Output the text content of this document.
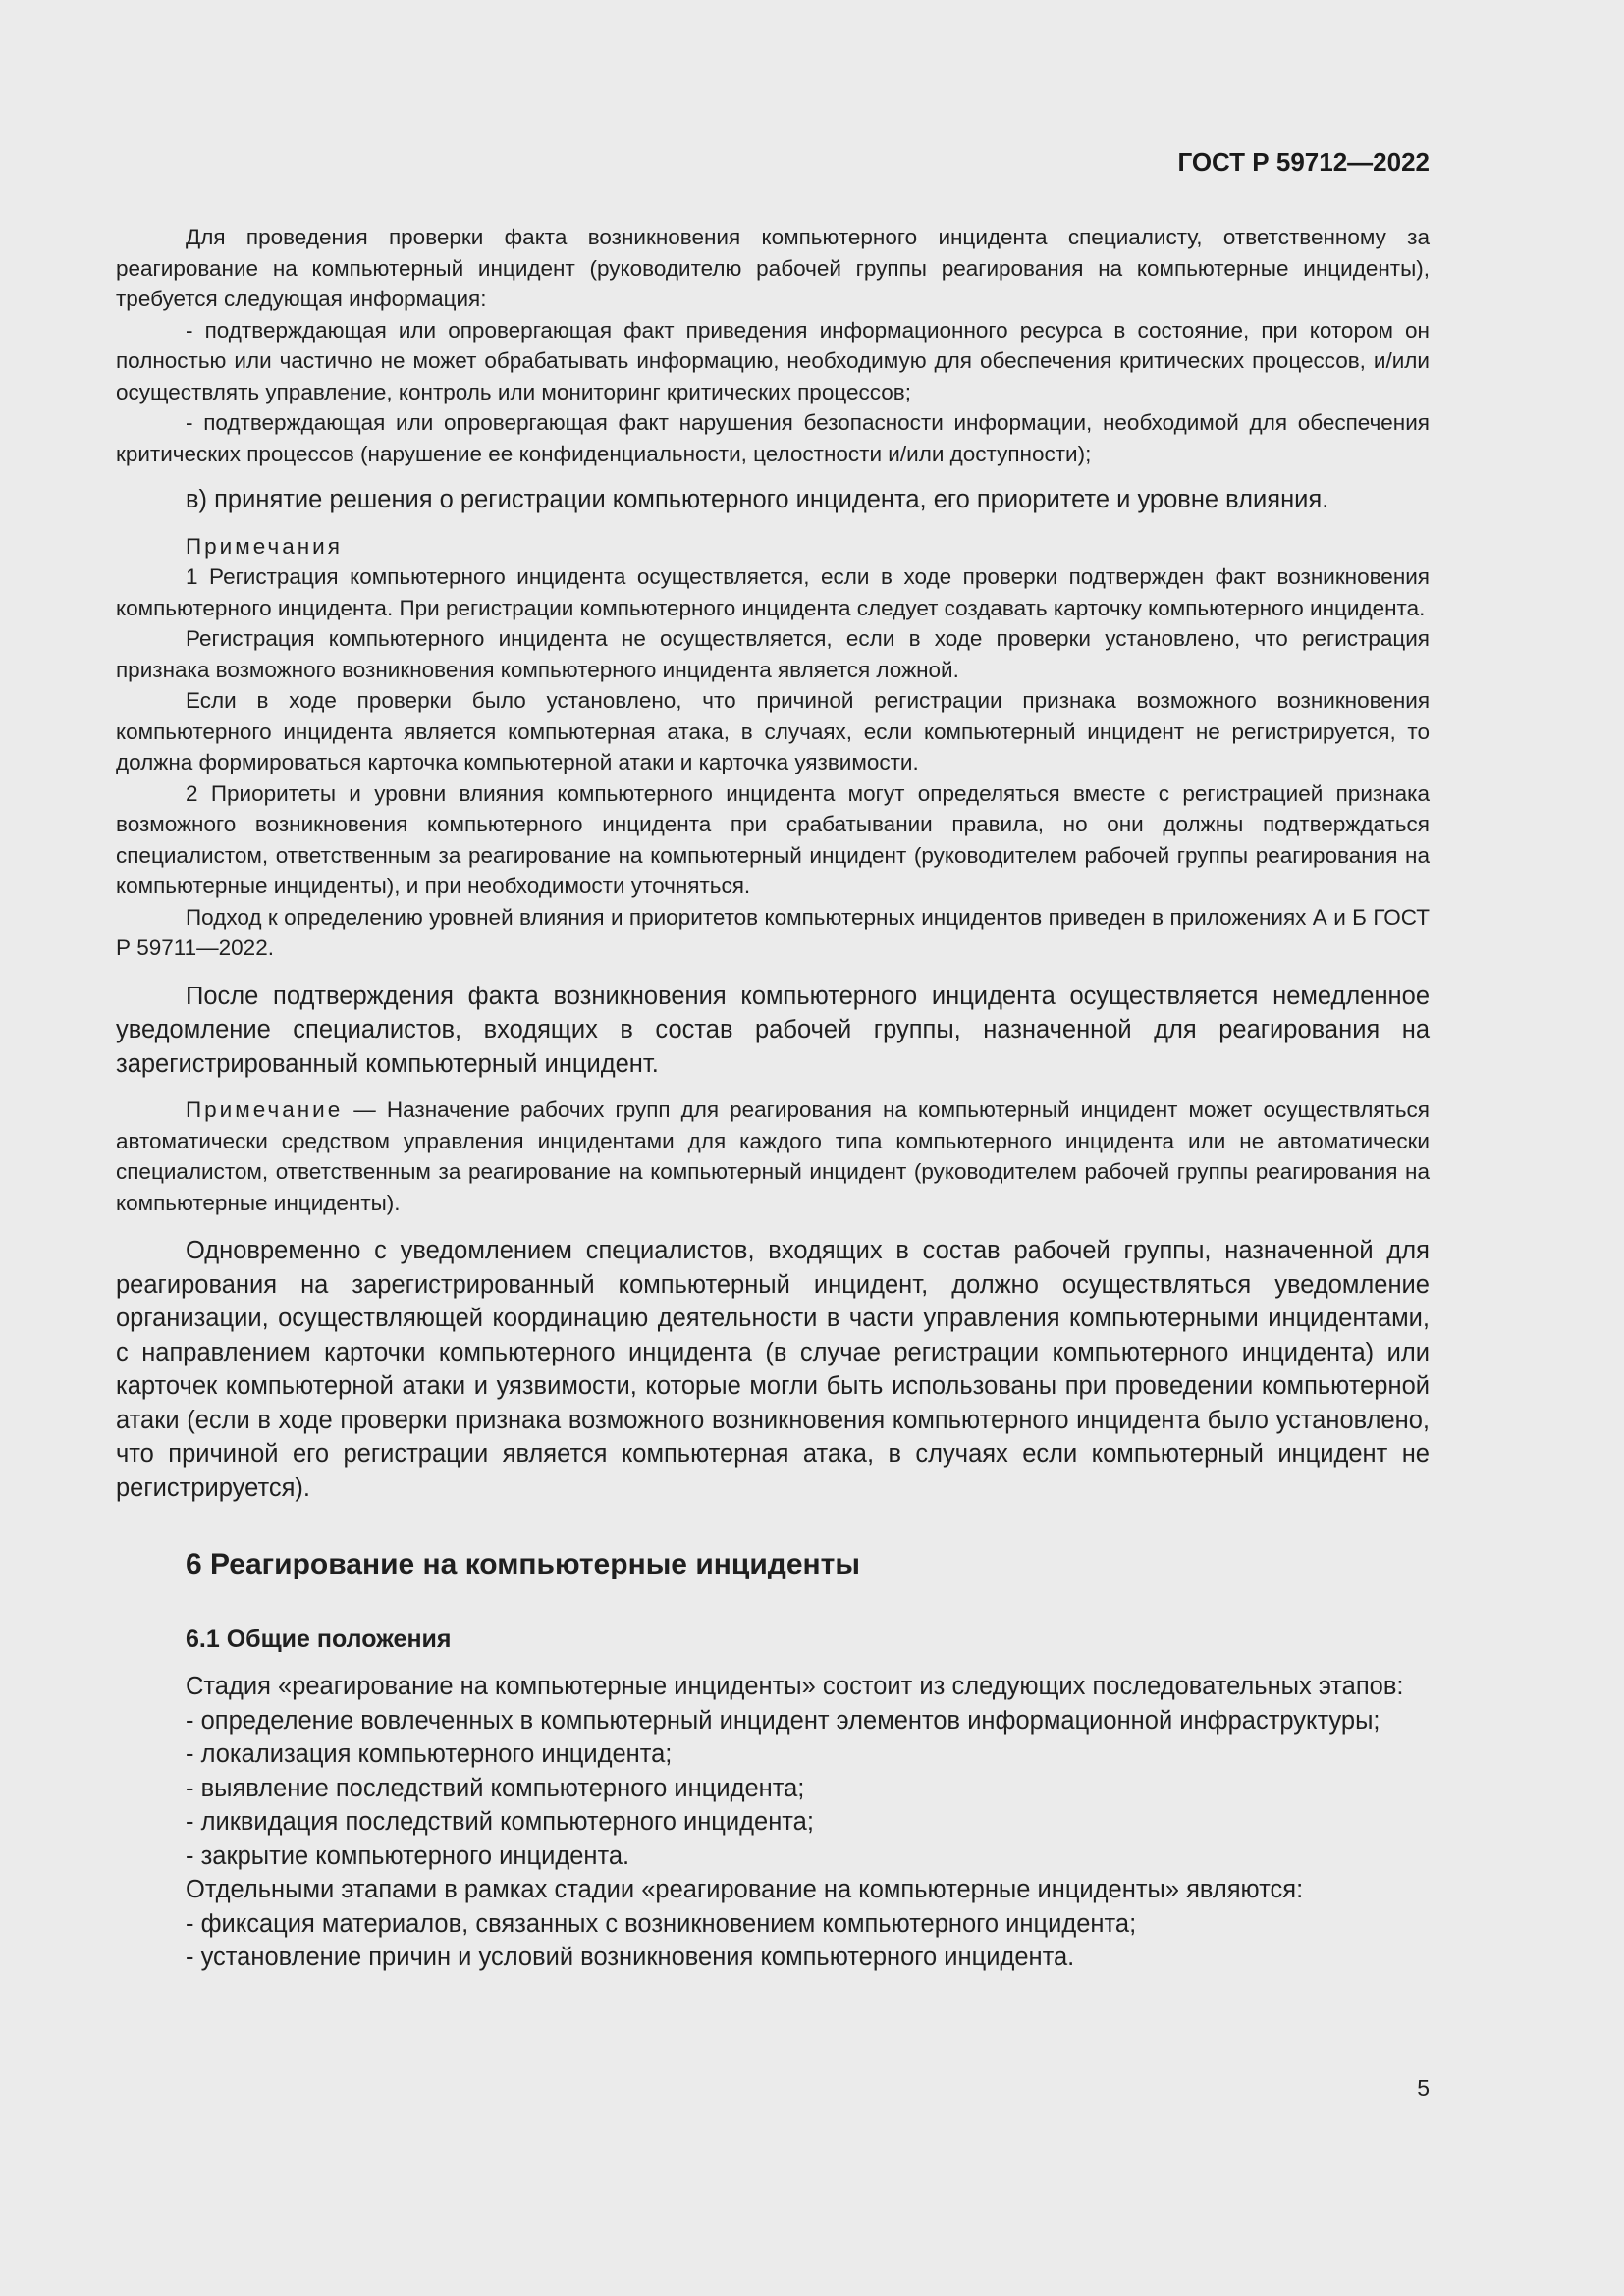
ГОСТ Р 59712—2022

Для проведения проверки факта возникновения компьютерного инцидента специалисту, ответственному за реагирование на компьютерный инцидент (руководителю рабочей группы реагирования на компьютерные инциденты), требуется следующая информация:

- подтверждающая или опровергающая факт приведения информационного ресурса в состояние, при котором он полностью или частично не может обрабатывать информацию, необходимую для обеспечения критических процессов, и/или осуществлять управление, контроль или мониторинг критических процессов;

- подтверждающая или опровергающая факт нарушения безопасности информации, необходимой для обеспечения критических процессов (нарушение ее конфиденциальности, целостности и/или доступности);

в) принятие решения о регистрации компьютерного инцидента, его приоритете и уровне влияния.

Примечания

1 Регистрация компьютерного инцидента осуществляется, если в ходе проверки подтвержден факт возникновения компьютерного инцидента. При регистрации компьютерного инцидента следует создавать карточку компьютерного инцидента.

Регистрация компьютерного инцидента не осуществляется, если в ходе проверки установлено, что регистрация признака возможного возникновения компьютерного инцидента является ложной.

Если в ходе проверки было установлено, что причиной регистрации признака возможного возникновения компьютерного инцидента является компьютерная атака, в случаях, если компьютерный инцидент не регистрируется, то должна формироваться карточка компьютерной атаки и карточка уязвимости.

2 Приоритеты и уровни влияния компьютерного инцидента могут определяться вместе с регистрацией признака возможного возникновения компьютерного инцидента при срабатывании правила, но они должны подтверждаться специалистом, ответственным за реагирование на компьютерный инцидент (руководителем рабочей группы реагирования на компьютерные инциденты), и при необходимости уточняться.

Подход к определению уровней влияния и приоритетов компьютерных инцидентов приведен в приложениях А и Б ГОСТ Р 59711—2022.

После подтверждения факта возникновения компьютерного инцидента осуществляется немедленное уведомление специалистов, входящих в состав рабочей группы, назначенной для реагирования на зарегистрированный компьютерный инцидент.

Примечание — Назначение рабочих групп для реагирования на компьютерный инцидент может осуществляться автоматически средством управления инцидентами для каждого типа компьютерного инцидента или не автоматически специалистом, ответственным за реагирование на компьютерный инцидент (руководителем рабочей группы реагирования на компьютерные инциденты).

Одновременно с уведомлением специалистов, входящих в состав рабочей группы, назначенной для реагирования на зарегистрированный компьютерный инцидент, должно осуществляться уведомление организации, осуществляющей координацию деятельности в части управления компьютерными инцидентами, с направлением карточки компьютерного инцидента (в случае регистрации компьютерного инцидента) или карточек компьютерной атаки и уязвимости, которые могли быть использованы при проведении компьютерной атаки (если в ходе проверки признака возможного возникновения компьютерного инцидента было установлено, что причиной его регистрации является компьютерная атака, в случаях если компьютерный инцидент не регистрируется).

6 Реагирование на компьютерные инциденты
6.1 Общие положения

Стадия «реагирование на компьютерные инциденты» состоит из следующих последовательных этапов:

- определение вовлеченных в компьютерный инцидент элементов информационной инфраструктуры;

- локализация компьютерного инцидента;

- выявление последствий компьютерного инцидента;

- ликвидация последствий компьютерного инцидента;

- закрытие компьютерного инцидента.

Отдельными этапами в рамках стадии «реагирование на компьютерные инциденты» являются:

- фиксация материалов, связанных с возникновением компьютерного инцидента;

- установление причин и условий возникновения компьютерного инцидента.

5
